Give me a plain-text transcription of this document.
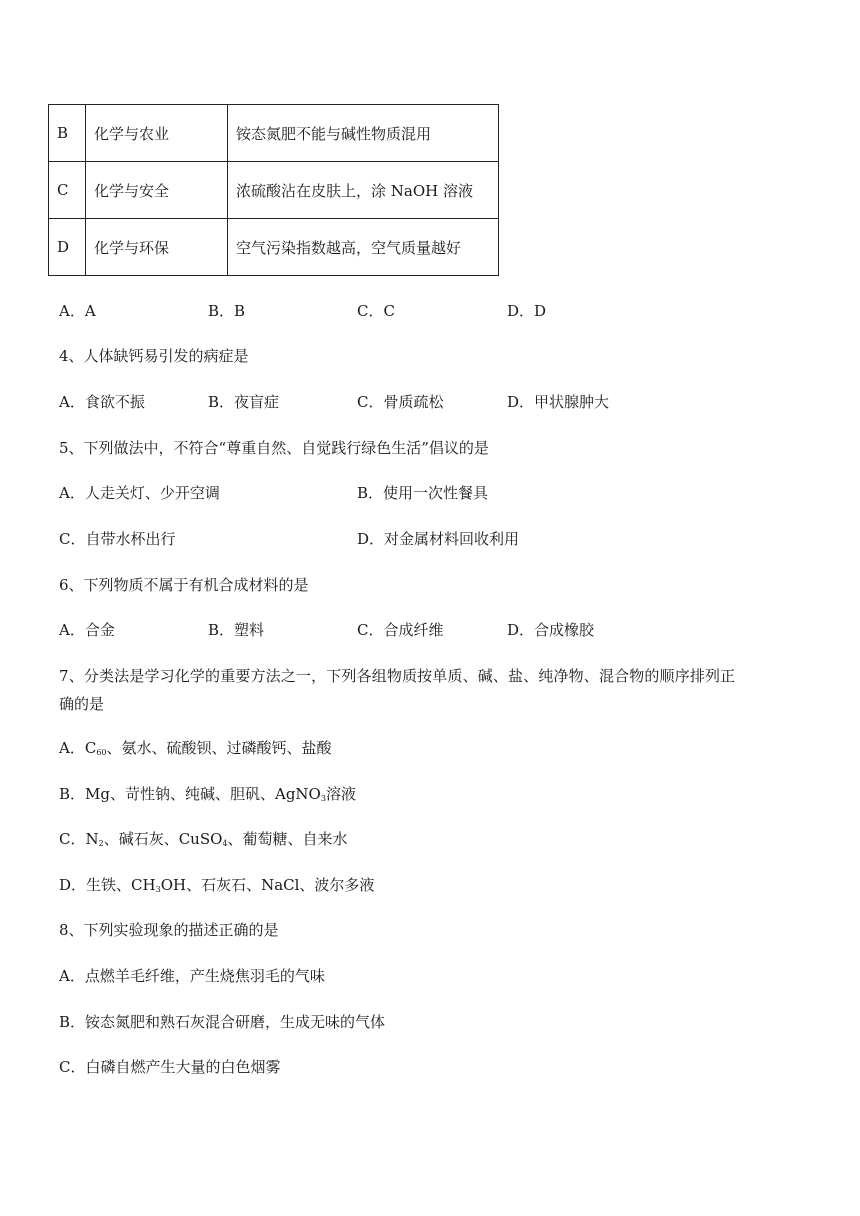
B	化学与农业	铵态氮肥不能与碱性物质混用
C	化学与安全	浓硫酸沾在皮肤上，涂 NaOH 溶液
D	化学与环保	空气污染指数越高，空气质量越好
A．A	B．B	C．C	D．D
4、人体缺钙易引发的病症是
A．食欲不振	B．夜盲症	C．骨质疏松	D．甲状腺肿大
5、下列做法中，不符合“尊重自然、自觉践行绿色生活”倡议的是
A．人走关灯、少开空调	B．使用一次性餐具
C．自带水杯出行	D．对金属材料回收利用
6、下列物质不属于有机合成材料的是
A．合金	B．塑料	C．合成纤维	D．合成橡胶
7、分类法是学习化学的重要方法之一，下列各组物质按单质、碱、盐、纯净物、混合物的顺序排列正
确的是
A．$C_{60}$、氨水、硫酸钡、过磷酸钙、盐酸
B．Mg、苛性钠、纯碱、胆矾、AgNO$_3$溶液
C．$N_2$、碱石灰、CuSO$_4$、葡萄糖、自来水
D．生铁、$CH_3OH$、石灰石、NaCl、波尔多液
8、下列实验现象的描述正确的是
A．点燃羊毛纤维，产生烧焦羽毛的气味
B．铵态氮肥和熟石灰混合研磨，生成无味的气体
C．白磷自燃产生大量的白色烟雾
